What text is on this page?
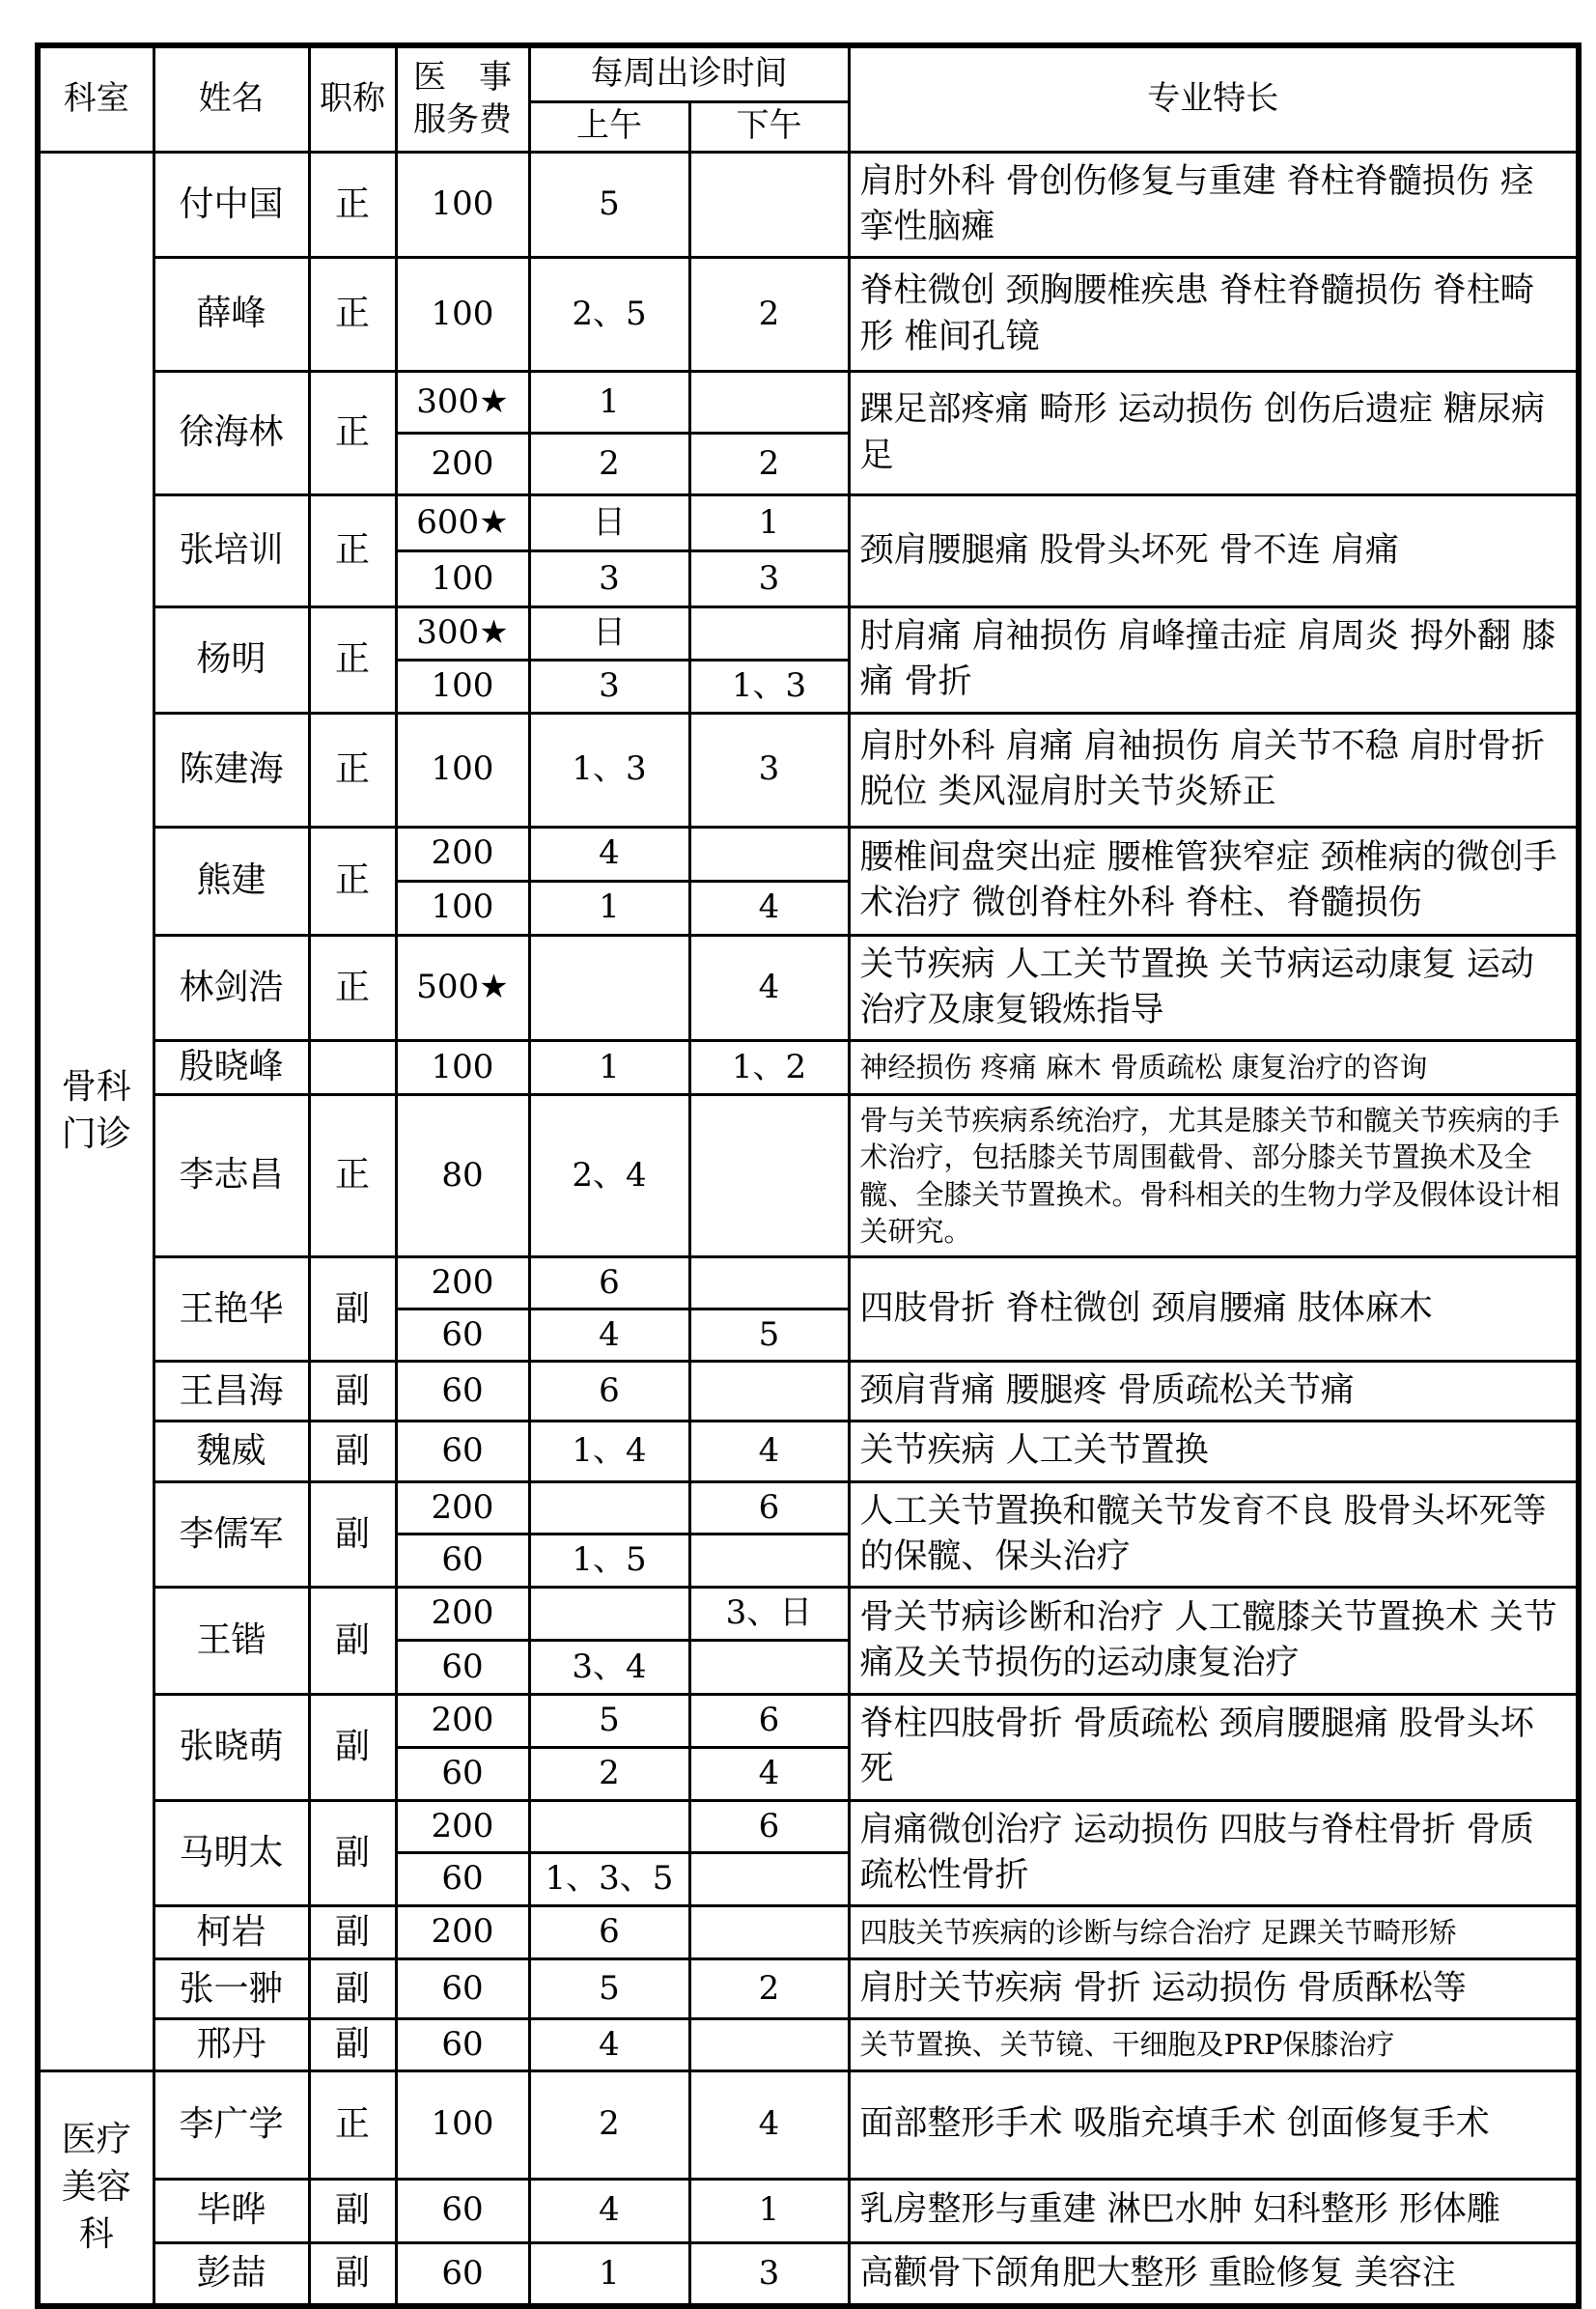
科室	姓名	职称	医　事
服务费	每周出诊时间		专业特长
				上午	下午	

骨科
门诊	付中国	正	100	5		肩肘外科 骨创伤修复与重建 脊柱脊髓损伤 痉挛性脑瘫
	薛峰	正	100	2、5	2	脊柱微创 颈胸腰椎疾患 脊柱脊髓损伤 脊柱畸形 椎间孔镜
	徐海林	正	300★	1		踝足部疼痛 畸形 运动损伤 创伤后遗症 糖尿病足
			200	2	2	
	张培训	正	600★	日	1	颈肩腰腿痛 股骨头坏死 骨不连 肩痛
			100	3	3	
	杨明	正	300★	日		肘肩痛 肩袖损伤 肩峰撞击症 肩周炎 拇外翻 膝痛 骨折
			100	3	1、3	
	陈建海	正	100	1、3	3	肩肘外科 肩痛 肩袖损伤 肩关节不稳 肩肘骨折脱位 类风湿肩肘关节炎矫正
	熊建	正	200	4		腰椎间盘突出症 腰椎管狭窄症 颈椎病的微创手术治疗 微创脊柱外科 脊柱、脊髓损伤
			100	1	4	
	林剑浩	正	500★		4	关节疾病 人工关节置换 关节病运动康复 运动治疗及康复锻炼指导
	殷晓峰		100	1	1、2	神经损伤 疼痛 麻木 骨质疏松 康复治疗的咨询
	李志昌	正	80	2、4		骨与关节疾病系统治疗，尤其是膝关节和髋关节疾病的手术治疗，包括膝关节周围截骨、部分膝关节置换术及全髋、全膝关节置换术。骨科相关的生物力学及假体设计相关研究。
	王艳华	副	200	6		四肢骨折 脊柱微创 颈肩腰痛 肢体麻木
			60	4	5	
	王昌海	副	60	6		颈肩背痛 腰腿疼 骨质疏松关节痛
	魏威	副	60	1、4	4	关节疾病 人工关节置换
	李儒军	副	200		6	人工关节置换和髋关节发育不良 股骨头坏死等的保髋、保头治疗
			60	1、5		
	王锴	副	200		3、日	骨关节病诊断和治疗 人工髋膝关节置换术 关节痛及关节损伤的运动康复治疗
			60	3、4		
	张晓萌	副	200	5	6	脊柱四肢骨折 骨质疏松 颈肩腰腿痛 股骨头坏死
			60	2	4	
	马明太	副	200		6	肩痛微创治疗 运动损伤 四肢与脊柱骨折 骨质疏松性骨折
			60	1、3、5		
	柯岩	副	200	6		四肢关节疾病的诊断与综合治疗 足踝关节畸形矫
	张一翀	副	60	5	2	肩肘关节疾病 骨折 运动损伤 骨质酥松等
	邢丹	副	60	4		关节置换、关节镜、干细胞及PRP保膝治疗

医疗
美容
科	李广学	正	100	2	4	面部整形手术 吸脂充填手术 创面修复手术
	毕晔	副	60	4	1	乳房整形与重建 淋巴水肿 妇科整形 形体雕
	彭喆	副	60	1	3	高颧骨下颌角肥大整形 重睑修复 美容注
